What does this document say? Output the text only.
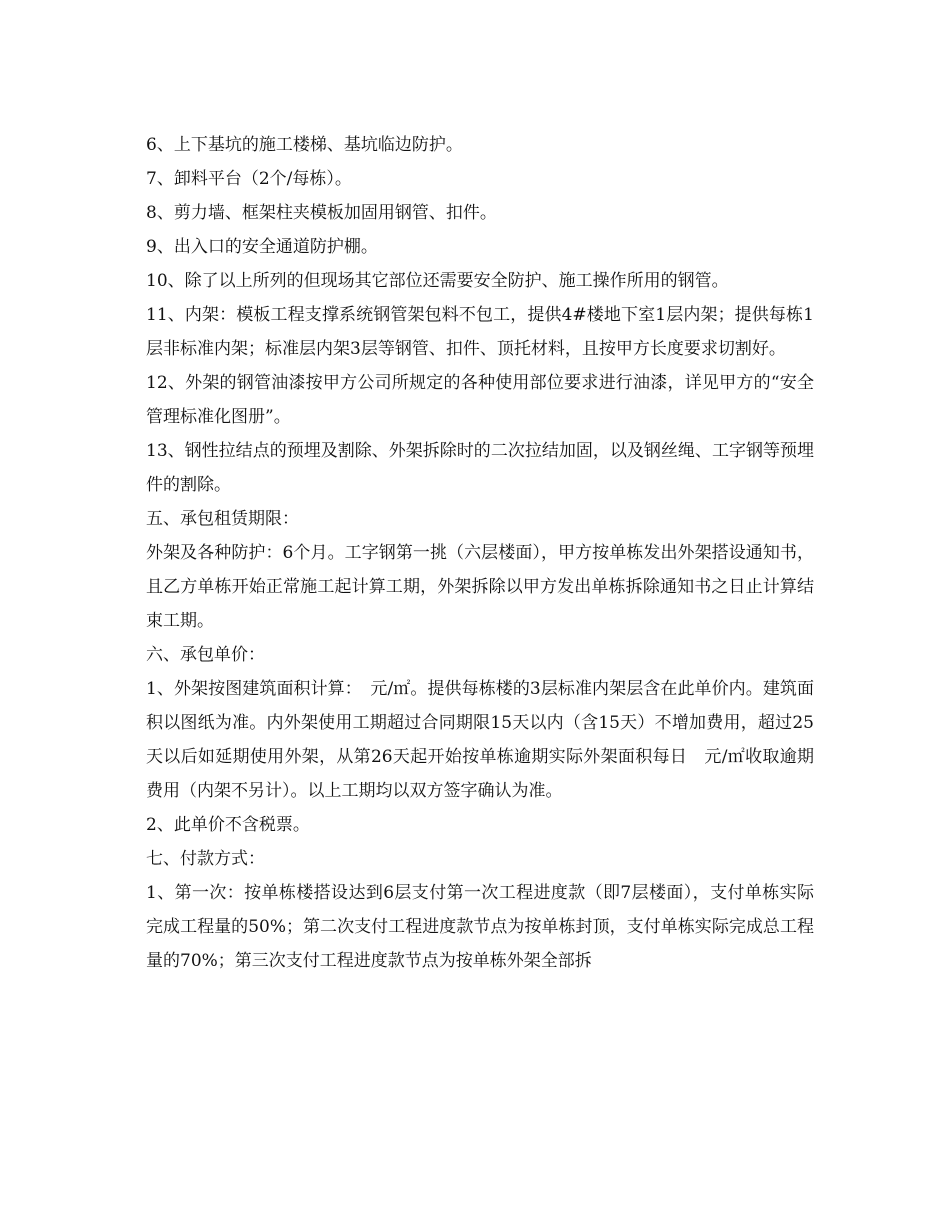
6、上下基坑的施工楼梯、基坑临边防护。

7、卸料平台（2个/每栋）。

8、剪力墙、框架柱夹模板加固用钢管、扣件。

9、出入口的安全通道防护棚。

10、除了以上所列的但现场其它部位还需要安全防护、施工操作所用的钢管。

11、内架：模板工程支撑系统钢管架包料不包工，提供4#楼地下室1层内架；提供每栋1层非标准内架；标准层内架3层等钢管、扣件、顶托材料，且按甲方长度要求切割好。

12、外架的钢管油漆按甲方公司所规定的各种使用部位要求进行油漆，详见甲方的“安全管理标准化图册”。

13、钢性拉结点的预埋及割除、外架拆除时的二次拉结加固，以及钢丝绳、工字钢等预埋件的割除。

五、承包租赁期限：

外架及各种防护：6个月。工字钢第一挑（六层楼面），甲方按单栋发出外架搭设通知书，且乙方单栋开始正常施工起计算工期，外架拆除以甲方发出单栋拆除通知书之日止计算结束工期。

六、承包单价：

1、外架按图建筑面积计算：　元/㎡。提供每栋楼的3层标准内架层含在此单价内。建筑面积以图纸为准。内外架使用工期超过合同期限15天以内（含15天）不增加费用，超过25天以后如延期使用外架，从第26天起开始按单栋逾期实际外架面积每日　元/㎡收取逾期费用（内架不另计）。以上工期均以双方签字确认为准。

2、此单价不含税票。

七、付款方式：

1、第一次：按单栋楼搭设达到6层支付第一次工程进度款（即7层楼面），支付单栋实际完成工程量的50%；第二次支付工程进度款节点为按单栋封顶，支付单栋实际完成总工程量的70%；第三次支付工程进度款节点为按单栋外架全部拆
